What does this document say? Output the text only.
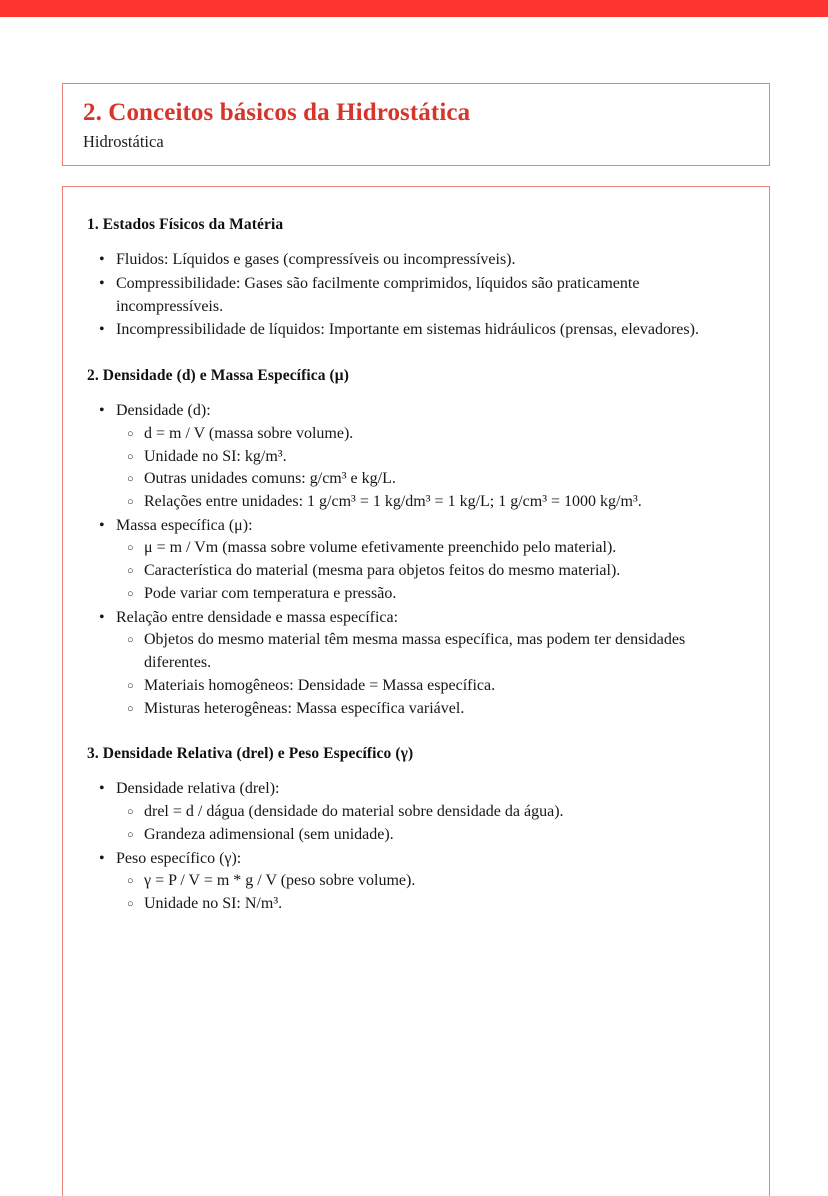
2. Conceitos básicos da Hidrostática

Hidrostática

1. Estados Físicos da Matéria
• Fluidos: Líquidos e gases (compressíveis ou incompressíveis).
• Compressibilidade: Gases são facilmente comprimidos, líquidos são praticamente incompressíveis.
• Incompressibilidade de líquidos: Importante em sistemas hidráulicos (prensas, elevadores).
2. Densidade (d) e Massa Específica (μ)
• Densidade (d):
○ d = m / V (massa sobre volume).
○ Unidade no SI: kg/m³.
○ Outras unidades comuns: g/cm³ e kg/L.
○ Relações entre unidades: 1 g/cm³ = 1 kg/dm³ = 1 kg/L; 1 g/cm³ = 1000 kg/m³.
• Massa específica (μ):
○ μ = m / Vm (massa sobre volume efetivamente preenchido pelo material).
○ Característica do material (mesma para objetos feitos do mesmo material).
○ Pode variar com temperatura e pressão.
• Relação entre densidade e massa específica:
○ Objetos do mesmo material têm mesma massa específica, mas podem ter densidades diferentes.
○ Materiais homogêneos: Densidade = Massa específica.
○ Misturas heterogêneas: Massa específica variável.
3. Densidade Relativa (drel) e Peso Específico (γ)
• Densidade relativa (drel):
○ drel = d / dágua (densidade do material sobre densidade da água).
○ Grandeza adimensional (sem unidade).
• Peso específico (γ):
○ γ = P / V = m * g / V (peso sobre volume).
○ Unidade no SI: N/m³.
